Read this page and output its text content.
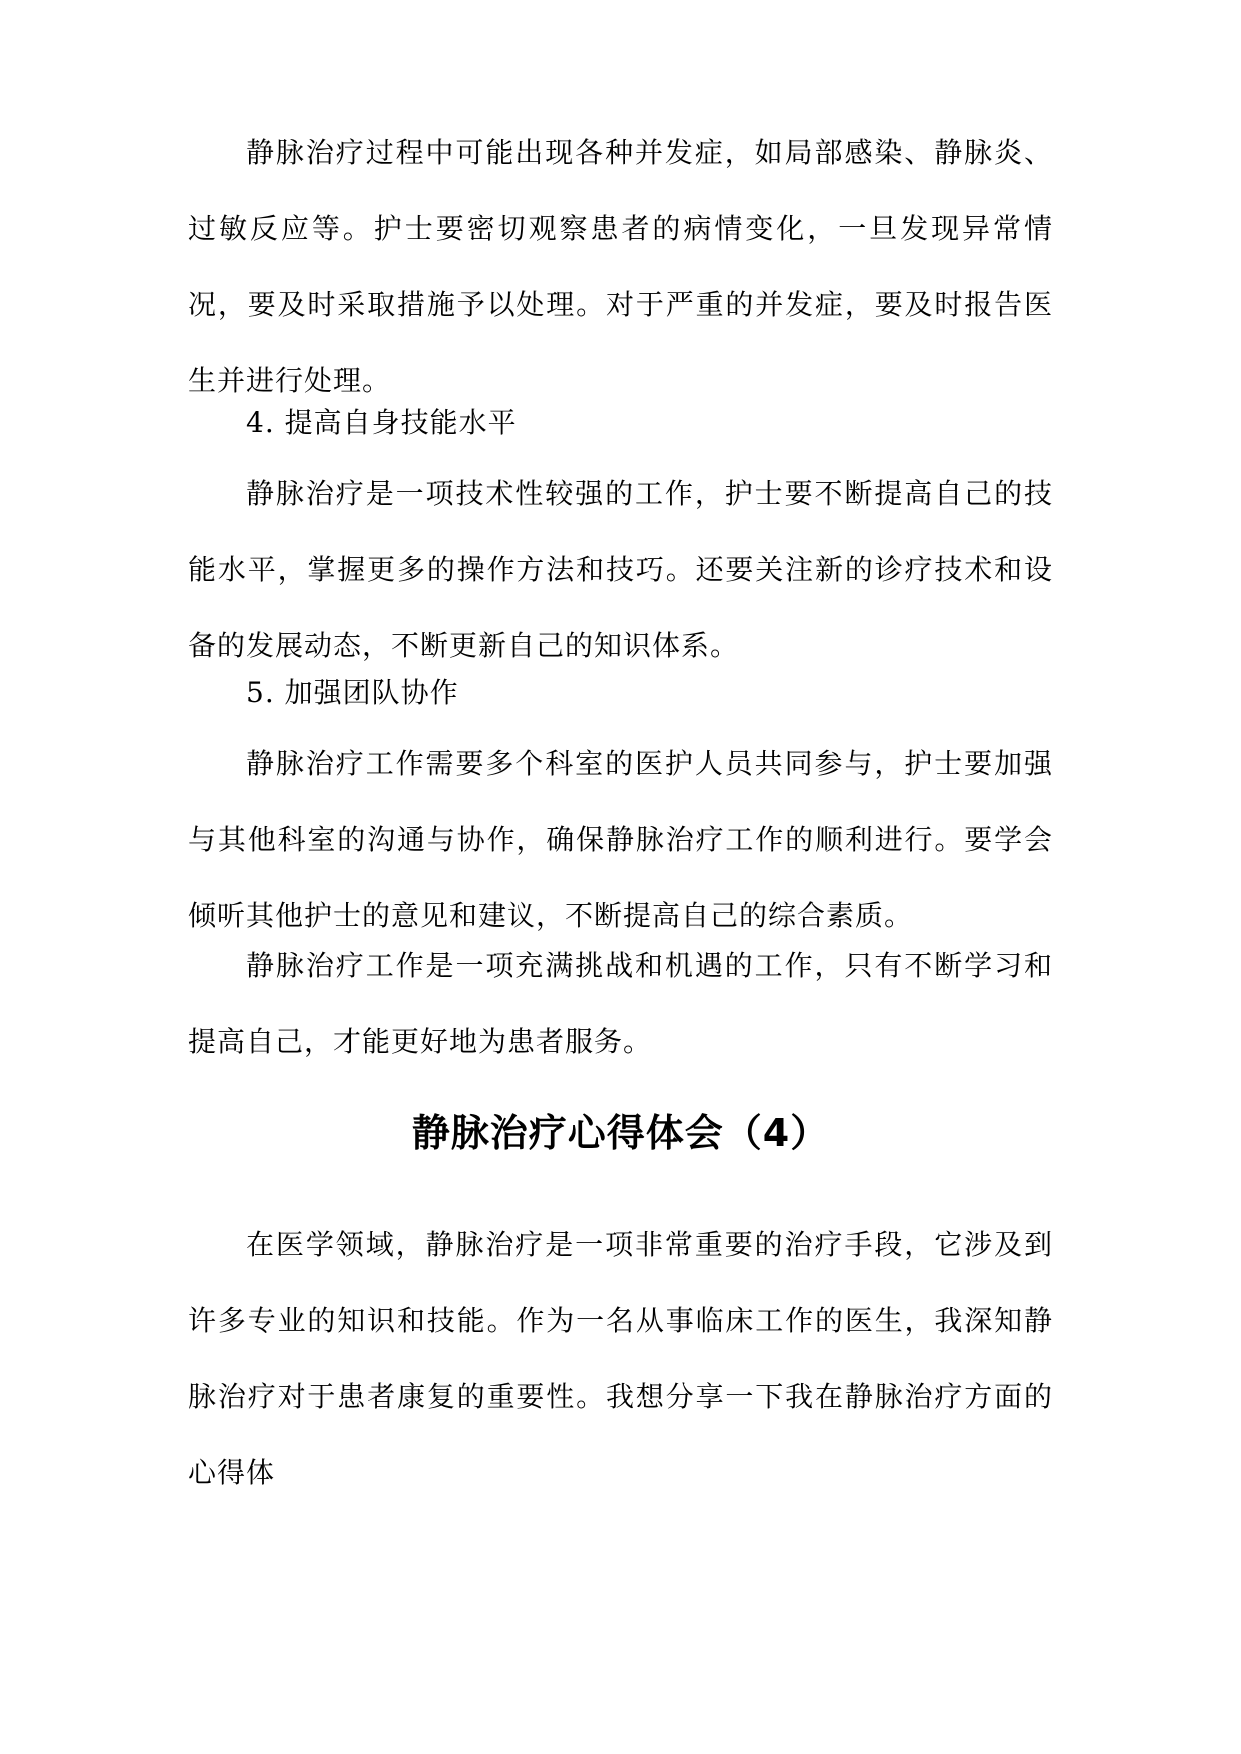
静脉治疗过程中可能出现各种并发症，如局部感染、静脉炎、过敏反应等。护士要密切观察患者的病情变化，一旦发现异常情况，要及时采取措施予以处理。对于严重的并发症，要及时报告医生并进行处理。

4. 提高自身技能水平

静脉治疗是一项技术性较强的工作，护士要不断提高自己的技能水平，掌握更多的操作方法和技巧。还要关注新的诊疗技术和设备的发展动态，不断更新自己的知识体系。

5. 加强团队协作

静脉治疗工作需要多个科室的医护人员共同参与，护士要加强与其他科室的沟通与协作，确保静脉治疗工作的顺利进行。要学会倾听其他护士的意见和建议，不断提高自己的综合素质。

静脉治疗工作是一项充满挑战和机遇的工作，只有不断学习和提高自己，才能更好地为患者服务。

静脉治疗心得体会（4）

在医学领域，静脉治疗是一项非常重要的治疗手段，它涉及到许多专业的知识和技能。作为一名从事临床工作的医生，我深知静脉治疗对于患者康复的重要性。我想分享一下我在静脉治疗方面的心得体
